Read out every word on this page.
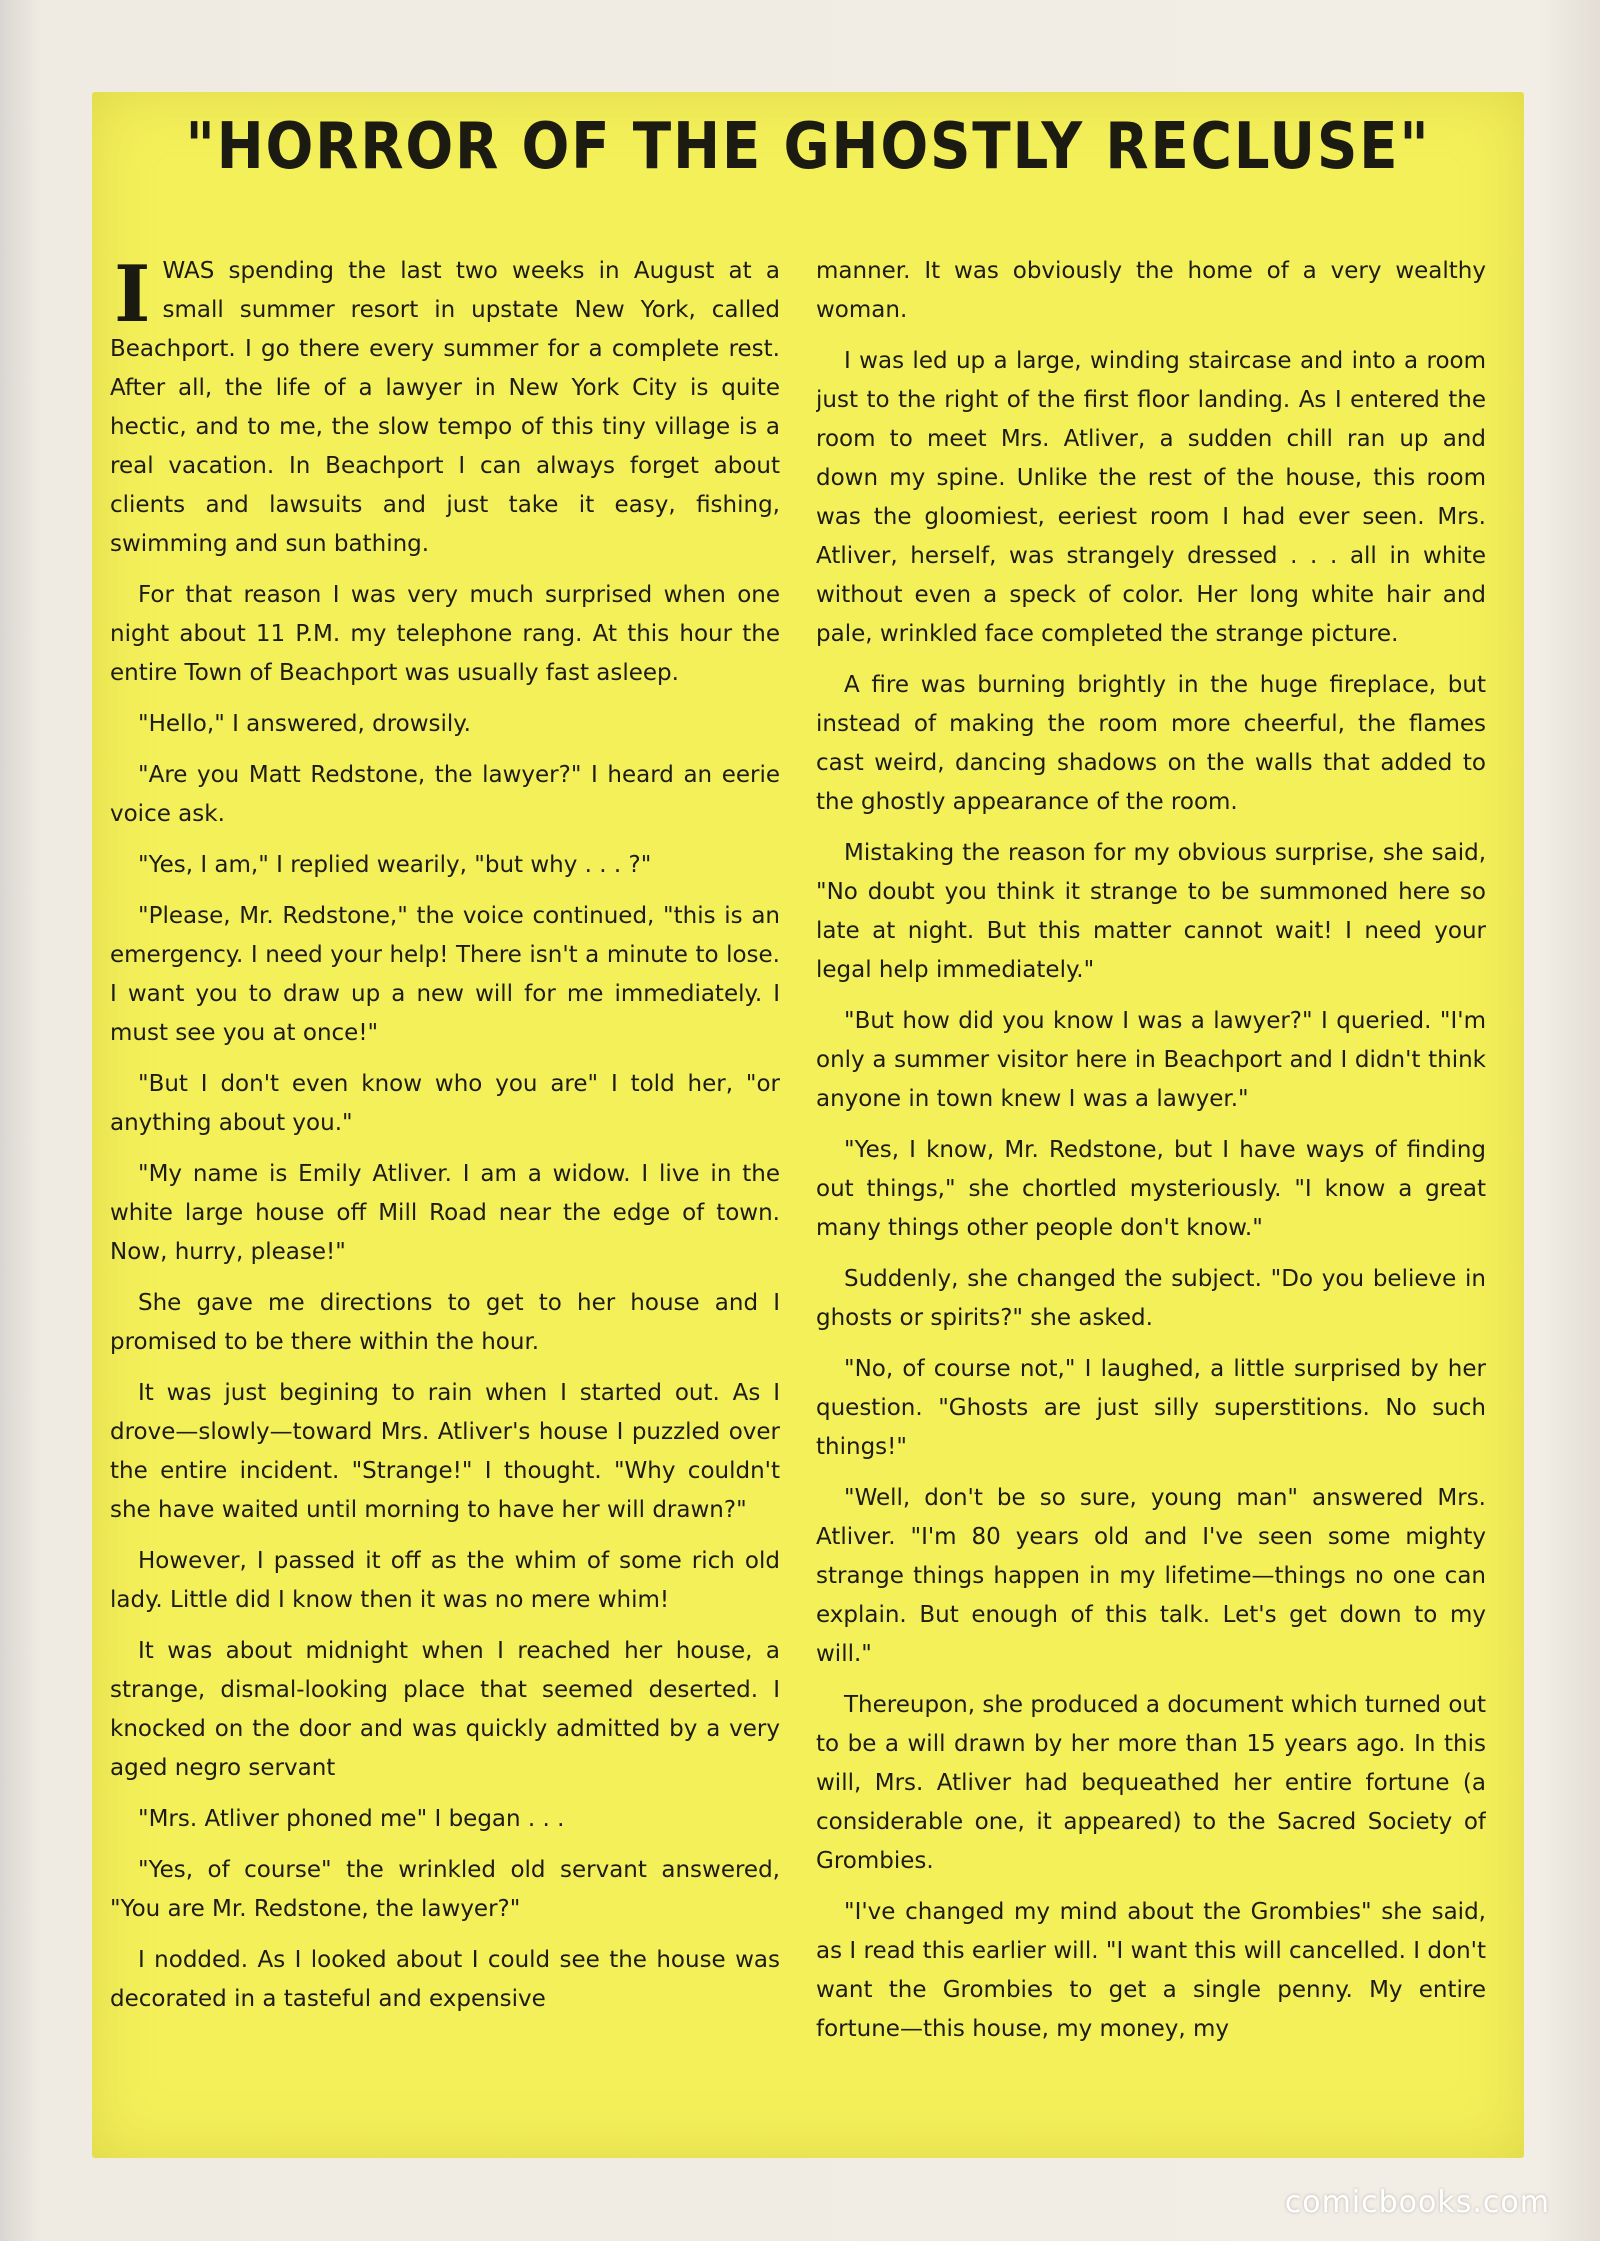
"HORROR OF THE GHOSTLY RECLUSE"

I WAS spending the last two weeks in August at a small summer resort in upstate New York, called Beachport. I go there every summer for a complete rest. After all, the life of a lawyer in New York City is quite hectic, and to me, the slow tempo of this tiny village is a real vacation. In Beachport I can always forget about clients and lawsuits and just take it easy, fishing, swimming and sun bathing.

For that reason I was very much surprised when one night about 11 P.M. my telephone rang. At this hour the entire Town of Beachport was usually fast asleep.

"Hello," I answered, drowsily.

"Are you Matt Redstone, the lawyer?" I heard an eerie voice ask.

"Yes, I am," I replied wearily, "but why . . . ?"

"Please, Mr. Redstone," the voice continued, "this is an emergency. I need your help! There isn't a minute to lose. I want you to draw up a new will for me immediately. I must see you at once!"

"But I don't even know who you are" I told her, "or anything about you."

"My name is Emily Atliver. I am a widow. I live in the white large house off Mill Road near the edge of town. Now, hurry, please!"

She gave me directions to get to her house and I promised to be there within the hour.

It was just begining to rain when I started out. As I drove—slowly—toward Mrs. Atliver's house I puzzled over the entire incident. "Strange!" I thought. "Why couldn't she have waited until morning to have her will drawn?"

However, I passed it off as the whim of some rich old lady. Little did I know then it was no mere whim!

It was about midnight when I reached her house, a strange, dismal-looking place that seemed deserted. I knocked on the door and was quickly admitted by a very aged negro servant

"Mrs. Atliver phoned me" I began . . .

"Yes, of course" the wrinkled old servant answered, "You are Mr. Redstone, the lawyer?"

I nodded. As I looked about I could see the house was decorated in a tasteful and expensive

manner. It was obviously the home of a very wealthy woman.

I was led up a large, winding staircase and into a room just to the right of the first floor landing. As I entered the room to meet Mrs. Atliver, a sudden chill ran up and down my spine. Unlike the rest of the house, this room was the gloomiest, eeriest room I had ever seen. Mrs. Atliver, herself, was strangely dressed . . . all in white without even a speck of color. Her long white hair and pale, wrinkled face completed the strange picture.

A fire was burning brightly in the huge fireplace, but instead of making the room more cheerful, the flames cast weird, dancing shadows on the walls that added to the ghostly appearance of the room.

Mistaking the reason for my obvious surprise, she said, "No doubt you think it strange to be summoned here so late at night. But this matter cannot wait! I need your legal help immediately."

"But how did you know I was a lawyer?" I queried. "I'm only a summer visitor here in Beachport and I didn't think anyone in town knew I was a lawyer."

"Yes, I know, Mr. Redstone, but I have ways of finding out things," she chortled mysteriously. "I know a great many things other people don't know."

Suddenly, she changed the subject. "Do you believe in ghosts or spirits?" she asked.

"No, of course not," I laughed, a little surprised by her question. "Ghosts are just silly superstitions. No such things!"

"Well, don't be so sure, young man" answered Mrs. Atliver. "I'm 80 years old and I've seen some mighty strange things happen in my lifetime—things no one can explain. But enough of this talk. Let's get down to my will."

Thereupon, she produced a document which turned out to be a will drawn by her more than 15 years ago. In this will, Mrs. Atliver had bequeathed her entire fortune (a considerable one, it appeared) to the Sacred Society of Grombies.

"I've changed my mind about the Grombies" she said, as I read this earlier will. "I want this will cancelled. I don't want the Grombies to get a single penny. My entire fortune—this house, my money, my

comicbooks.com
